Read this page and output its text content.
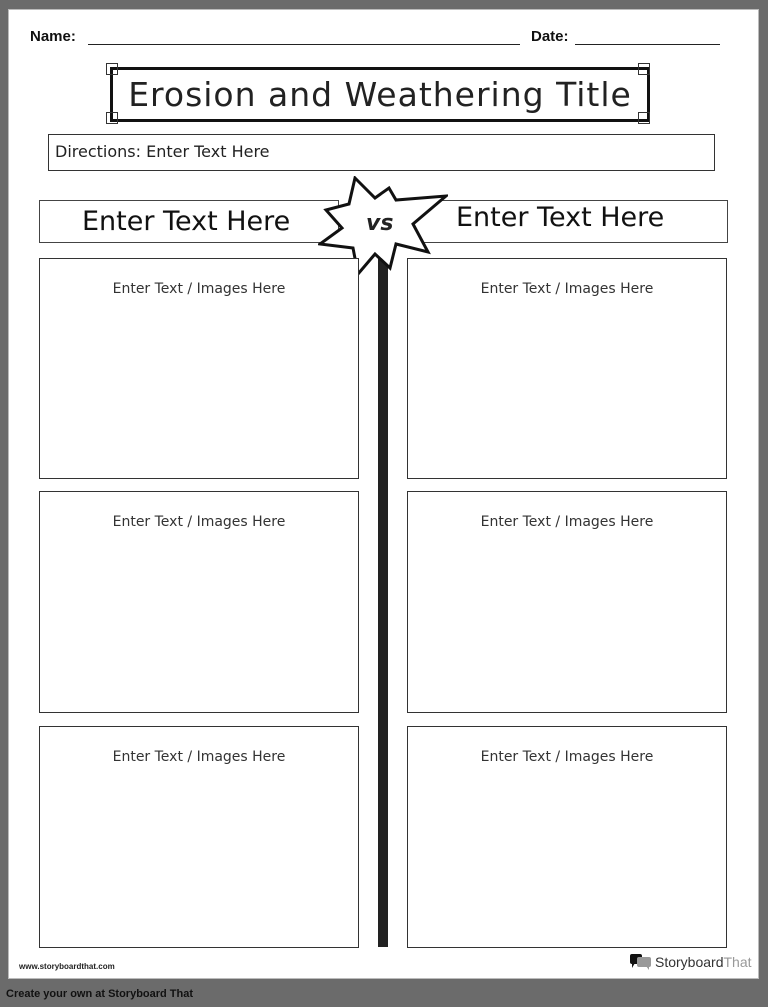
Name:	Date:
Erosion and Weathering Title
Directions: Enter Text Here
Enter Text Here	Enter Text Here
vs
Enter Text / Images Here
Enter Text / Images Here
Enter Text / Images Here
Enter Text / Images Here
Enter Text / Images Here
Enter Text / Images Here
www.storyboardthat.com	StoryboardThat
Create your own at Storyboard That
